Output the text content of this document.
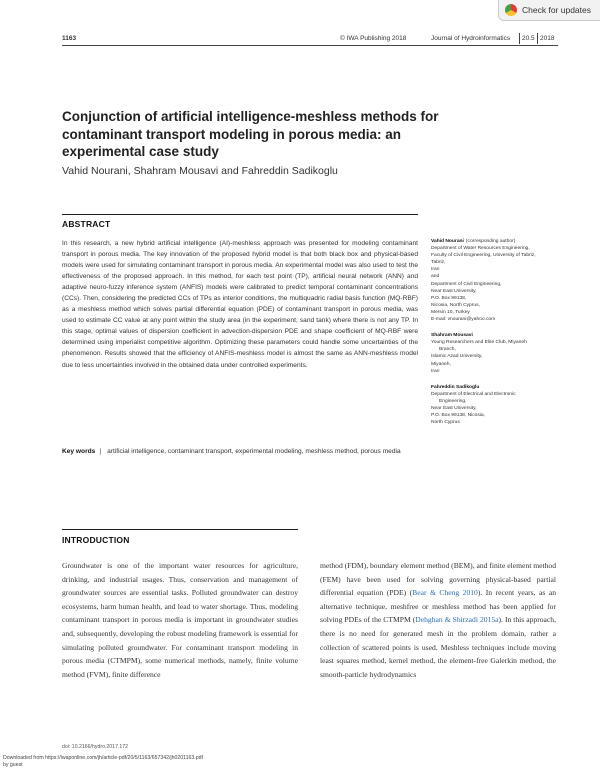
Check for updates
1163	© IWA Publishing 2018	Journal of Hydroinformatics 20.5 2018
Conjunction of artificial intelligence-meshless methods for contaminant transport modeling in porous media: an experimental case study
Vahid Nourani, Shahram Mousavi and Fahreddin Sadikoglu
ABSTRACT
In this research, a new hybrid artificial intelligence (AI)-meshless approach was presented for modeling contaminant transport in porous media. The key innovation of the proposed hybrid model is that both black box and physical-based models were used for simulating contaminant transport in porous media. An experimental model was also used to test the effectiveness of the proposed approach. In this method, for each test point (TP), artificial neural network (ANN) and adaptive neuro-fuzzy inference system (ANFIS) models were calibrated to predict temporal contaminant concentrations (CCs). Then, considering the predicted CCs of TPs as interior conditions, the multiquadric radial basis function (MQ-RBF) as a meshless method which solves partial differential equation (PDE) of contaminant transport in porous media, was used to estimate CC value at any point within the study area (in the experiment, sand tank) where there is not any TP. In this stage, optimal values of dispersion coefficient in advection-dispersion PDE and shape coefficient of MQ-RBF were determined using imperialist competitive algorithm. Optimizing these parameters could handle some uncertainties of the phenomenon. Results showed that the efficiency of ANFIS-meshless model is almost the same as ANN-meshless model due to less uncertainties involved in the obtained data under controlled experiments.
Key words | artificial intelligence, contaminant transport, experimental modeling, meshless method, porous media
Vahid Nourani (corresponding author)
Department of Water Resources Engineering,
Faculty of Civil Engineering, University of Tabriz,
Tabriz,
Iran
and
Department of Civil Engineering,
Near East University,
P.O. Box 99138,
Nicosia, North Cyprus,
Mersin 10, Turkey
E-mail: vnourani@yahoo.com
Shahram Mousavi
Young Researchers and Elite Club, Miyaneh
Branch,
Islamic Azad University,
Miyaneh,
Iran
Fahreddin Sadikoglu
Department of Electrical and Electronic
Engineering,
Near East University,
P.O. Box 99138, Nicosia,
North Cyprus
INTRODUCTION
Groundwater is one of the important water resources for agriculture, drinking, and industrial usages. Thus, conservation and management of groundwater sources are essential tasks. Polluted groundwater can destroy ecosystems, harm human health, and lead to water shortage. Thus, modeling contaminant transport in porous media is important in groundwater studies and, subsequently, developing the robust modeling framework is essential for simulating polluted groundwater. For contaminant transport modeling in porous media (CTMPM), some numerical methods, namely, finite volume method (FVM), finite difference
method (FDM), boundary element method (BEM), and finite element method (FEM) have been used for solving governing physical-based partial differential equation (PDE) (Bear & Cheng 2010). In recent years, as an alternative technique, meshfree or meshless method has been applied for solving PDEs of the CTMPM (Dehghan & Shirzadi 2015a). In this approach, there is no need for generated mesh in the problem domain, rather a collection of scattered points is used. Meshless techniques include moving least squares method, kernel method, the element-free Galerkin method, the smooth-particle hydrodynamics
doi: 10.2166/hydro.2017.172
Downloaded from https://iwaponline.com/jh/article-pdf/20/5/1163/657342/jh0201163.pdf
by guest
